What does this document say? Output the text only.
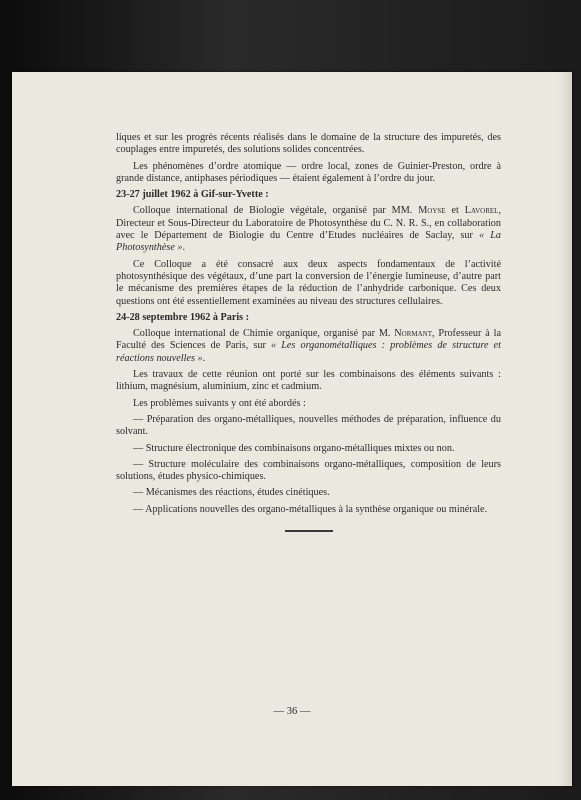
liques et sur les progrès récents réalisés dans le domaine de la structure des impuretés, des couplages entre impuretés, des solutions solides concentrées.

Les phénomènes d’ordre atomique — ordre local, zones de Guinier-Preston, ordre à grande distance, antiphases périodiques — étaient également à l’ordre du jour.

23-27 juillet 1962 à Gif-sur-Yvette :

Colloque international de Biologie végétale, organisé par MM. Moyse et Lavorel, Directeur et Sous-Directeur du Laboratoire de Photosynthèse du C. N. R. S., en collaboration avec le Département de Biologie du Centre d’Etudes nucléaires de Saclay, sur « La Photosynthèse ».

Ce Colloque a été consacré aux deux aspects fondamentaux de l’activité photosynthésique des végétaux, d’une part la conversion de l’énergie lumineuse, d’autre part le mécanisme des premières étapes de la réduction de l’anhydride carbonique. Ces deux questions ont été essentiellement examinées au niveau des structures cellulaires.

24-28 septembre 1962 à Paris :

Colloque international de Chimie organique, organisé par M. Normant, Professeur à la Faculté des Sciences de Paris, sur « Les organométalliques : problèmes de structure et réactions nouvelles ».

Les travaux de cette réunion ont porté sur les combinaisons des éléments suivants : lithium, magnésium, aluminium, zinc et cadmium.

Les problèmes suivants y ont été abordés :

— Préparation des organo-métalliques, nouvelles méthodes de préparation, influence du solvant.

— Structure électronique des combinaisons organo-métalliques mixtes ou non.

— Structure moléculaire des combinaisons organo-métalliques, composition de leurs solutions, études physico-chimiques.

— Mécanismes des réactions, études cinétiques.

— Applications nouvelles des organo-métalliques à la synthèse organique ou minérale.

— 36 —
